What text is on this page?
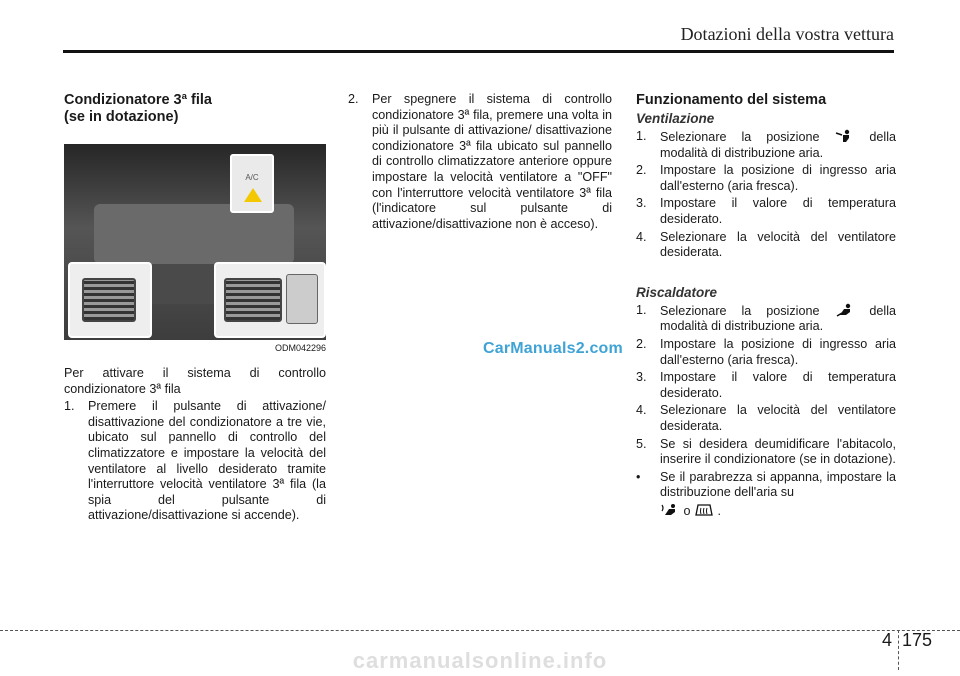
Dotazioni della vostra vettura
Condizionatore 3ª fila
(se in dotazione)
A/C
ODM042296

Per attivare il sistema di controllo condizionatore 3ª fila

1. Premere il pulsante di attivazione/ disattivazione del condizionatore a tre vie, ubicato sul pannello di controllo del climatizzatore e impostare la velocità del ventilatore al livello desiderato tramite l'interruttore velocità ventilatore 3ª fila (la spia del pulsante di attivazione/disattivazione si accende).
2. Per spegnere il sistema di controllo condizionatore 3ª fila, premere una volta in più il pulsante di attivazione/ disattivazione condizionatore 3ª fila ubicato sul pannello di controllo climatizzatore anteriore oppure impostare la velocità ventilatore a "OFF" con l'interruttore velocità ventilatore 3ª fila (l'indicatore sul pulsante di attivazione/disattivazione non è acceso).
Funzionamento del sistema
Ventilazione
1. Selezionare la posizione	della modalità di distribuzione aria.
2. Impostare la posizione di ingresso aria dall'esterno (aria fresca).
3. Impostare il valore di temperatura desiderato.
4. Selezionare la velocità del ventilatore desiderata.
Riscaldatore
1. Selezionare la posizione	della modalità di distribuzione aria.
2. Impostare la posizione di ingresso aria dall'esterno (aria fresca).
3. Impostare il valore di temperatura desiderato.
4. Selezionare la velocità del ventilatore desiderata.
5. Se si desidera deumidificare l'abitacolo, inserire il condizionatore (se in dotazione).
• Se il parabrezza si appanna, impostare la distribuzione dell'aria su
o .
CarManuals2.com
4 175
carmanualsonline.info
